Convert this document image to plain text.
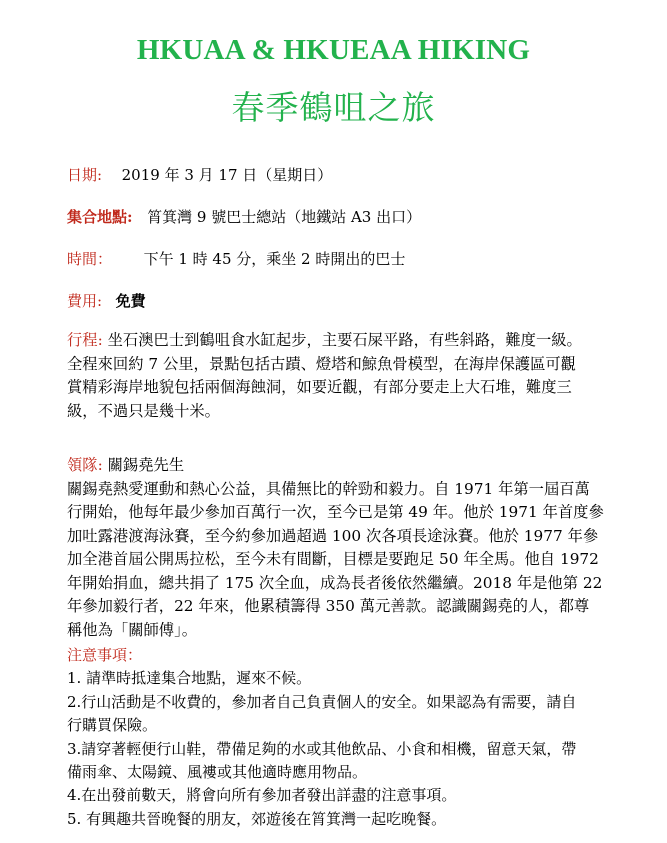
HKUAA & HKUEAA HIKING
春季鶴咀之旅
日期: 2019 年 3 月 17 日（星期日）
集合地點: 筲箕灣 9 號巴士總站（地鐵站 A3 出口）
時間： 下午 1 時 45 分，乘坐 2 時開出的巴士
費用: 免費
行程: 坐石澳巴士到鶴咀食水缸起步，主要石屎平路，有些斜路，難度一級。
全程來回約 7 公里，景點包括古蹟、燈塔和鯨魚骨模型，在海岸保護區可觀
賞精彩海岸地貌包括兩個海蝕洞，如要近觀，有部分要走上大石堆，難度三
級，不過只是幾十米。
領隊: 關錫堯先生
關錫堯熱愛運動和熱心公益，具備無比的幹勁和毅力。自 1971 年第一屆百萬
行開始，他每年最少參加百萬行一次，至今已是第 49 年。他於 1971 年首度參
加吐露港渡海泳賽，至今約參加過超過 100 次各項長途泳賽。他於 1977 年參
加全港首屆公開馬拉松，至今未有間斷，目標是要跑足 50 年全馬。他自 1972
年開始捐血，總共捐了 175 次全血，成為長者後依然繼續。2018 年是他第 22
年參加毅行者，22 年來，他累積籌得 350 萬元善款。認識關錫堯的人，都尊
稱他為「關師傅」。
注意事項：
1. 請準時抵達集合地點，遲來不候。
2.行山活動是不收費的，參加者自己負責個人的安全。如果認為有需要，請自
行購買保險。
3.請穿著輕便行山鞋，帶備足夠的水或其他飲品、小食和相機，留意天氣，帶
備雨傘、太陽鏡、風褸或其他適時應用物品。
4.在出發前數天，將會向所有參加者發出詳盡的注意事項。
5. 有興趣共晉晚餐的朋友，郊遊後在筲箕灣一起吃晚餐。
